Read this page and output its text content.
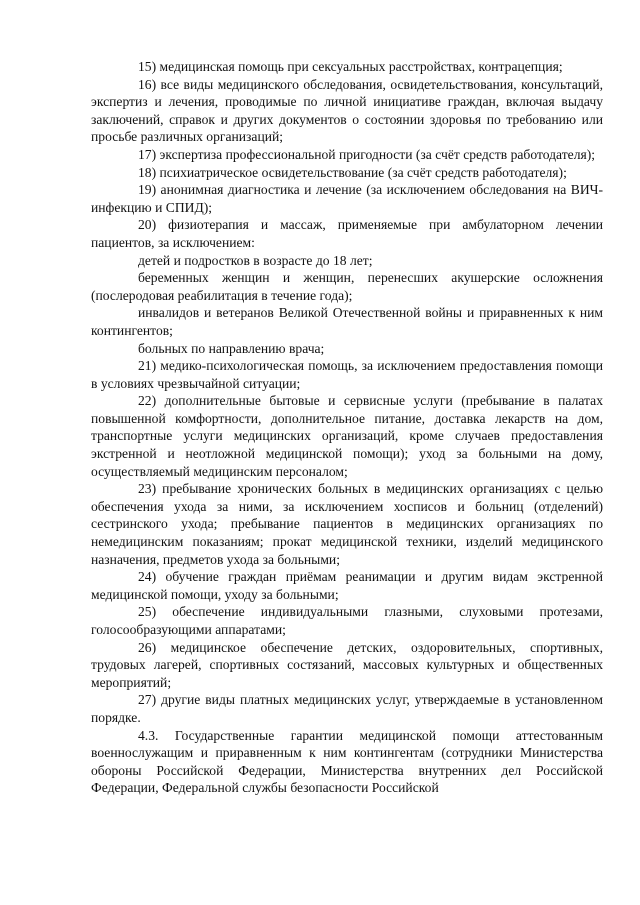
15) медицинская помощь при сексуальных расстройствах, контрацепция;

16) все виды медицинского обследования, освидетельствования, консультаций, экспертиз и лечения, проводимые по личной инициативе граждан, включая выдачу заключений, справок и других документов о состоянии здоровья по требованию или просьбе различных организаций;

17) экспертиза профессиональной пригодности (за счёт средств работодателя);

18) психиатрическое освидетельствование (за счёт средств работодателя);

19) анонимная диагностика и лечение (за исключением обследования на ВИЧ-инфекцию и СПИД);

20) физиотерапия и массаж, применяемые при амбулаторном лечении пациентов, за исключением:

детей и подростков в возрасте до 18 лет;

беременных женщин и женщин, перенесших акушерские осложнения (послеродовая реабилитация в течение года);

инвалидов и ветеранов Великой Отечественной войны и приравненных к ним контингентов;

больных по направлению врача;

21) медико-психологическая помощь, за исключением предоставления помощи в условиях чрезвычайной ситуации;

22) дополнительные бытовые и сервисные услуги (пребывание в палатах повышенной комфортности, дополнительное питание, доставка лекарств на дом, транспортные услуги медицинских организаций, кроме случаев предоставления экстренной и неотложной медицинской помощи); уход за больными на дому, осуществляемый медицинским персоналом;

23) пребывание хронических больных в медицинских организациях с целью обеспечения ухода за ними, за исключением хосписов и больниц (отделений) сестринского ухода; пребывание пациентов в медицинских организациях по немедицинским показаниям; прокат медицинской техники, изделий медицинского назначения, предметов ухода за больными;

24) обучение граждан приёмам реанимации и другим видам экстренной медицинской помощи, уходу за больными;

25) обеспечение индивидуальными глазными, слуховыми протезами, голосообразующими аппаратами;

26) медицинское обеспечение детских, оздоровительных, спортивных, трудовых лагерей, спортивных состязаний, массовых культурных и общественных мероприятий;

27) другие виды платных медицинских услуг, утверждаемые в установленном порядке.

4.3. Государственные гарантии медицинской помощи аттестованным военнослужащим и приравненным к ним контингентам (сотрудники Министерства обороны Российской Федерации, Министерства внутренних дел Российской Федерации, Федеральной службы безопасности Российской
